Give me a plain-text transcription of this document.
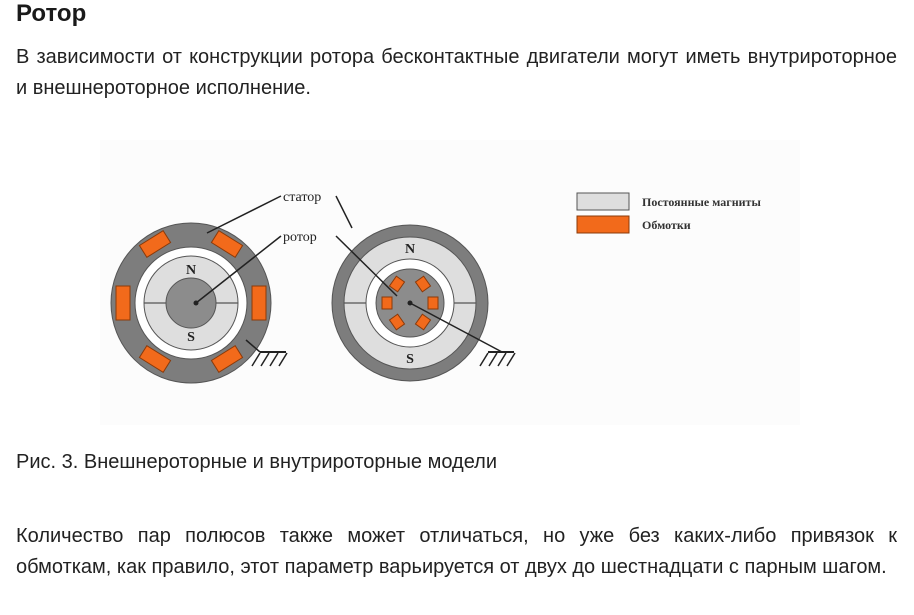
Ротор

В зависимости от конструкции ротора бесконтактные двигатели могут иметь внутрироторное и внешнероторное исполнение.

N
S
N
S
статор
ротор
Постоянные магниты
Обмотки

Рис. 3. Внешнероторные и внутрироторные модели

Количество пар полюсов также может отличаться, но уже без каких-либо привязок к обмоткам, как правило, этот параметр варьируется от двух до шестнадцати с парным шагом.
